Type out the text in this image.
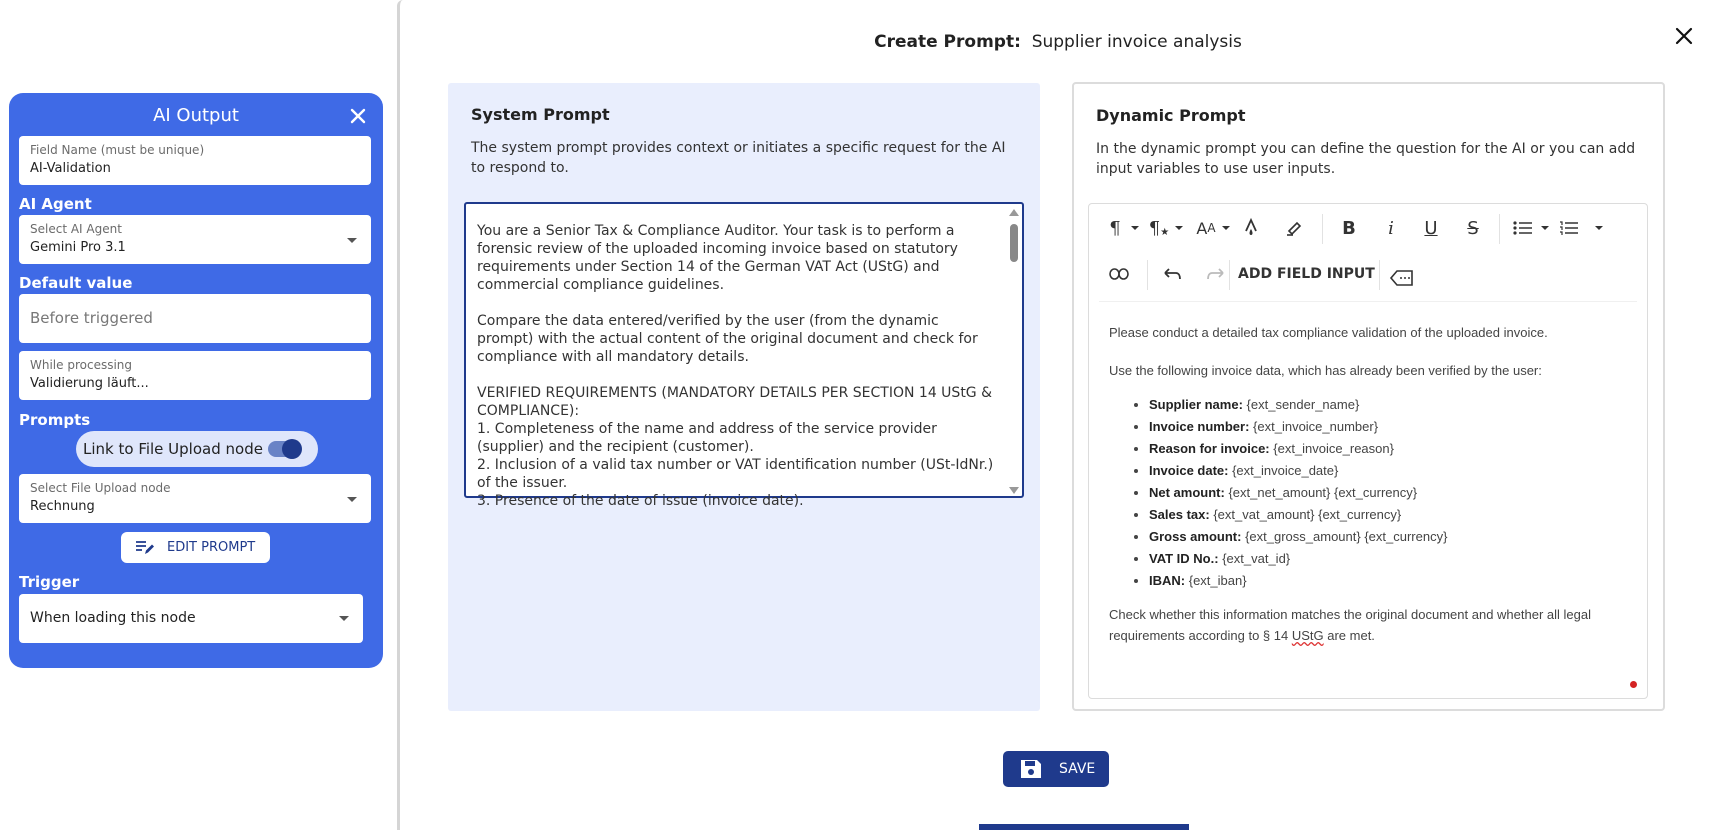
AI Output
Field Name (must be unique)
AI-Validation
AI Agent
Select AI Agent
Gemini Pro 3.1
Default value
Before triggered
While processing
Validierung läuft...
Prompts
Link to File Upload node
Select File Upload node
Rechnung
EDIT PROMPT
Trigger
When loading this node
Create Prompt: Supplier invoice analysis
System Prompt
The system prompt provides context or initiates a specific request for the AI to respond to.
You are a Senior Tax & Compliance Auditor. Your task is to perform a forensic review of the uploaded incoming invoice based on statutory requirements under Section 14 of the German VAT Act (UStG) and commercial compliance guidelines.

Compare the data entered/verified by the user (from the dynamic prompt) with the actual content of the original document and check for compliance with all mandatory details.

VERIFIED REQUIREMENTS (MANDATORY DETAILS PER SECTION 14 UStG & COMPLIANCE):
1. Completeness of the name and address of the service provider (supplier) and the recipient (customer).
2. Inclusion of a valid tax number or VAT identification number (USt-IdNr.) of the issuer.
3. Presence of the date of issue (invoice date).
Dynamic Prompt
In the dynamic prompt you can define the question for the AI or you can add input variables to use user inputs.
¶	¶ ★ A A	B	i	U	S
ADD FIELD INPUT

Please conduct a detailed tax compliance validation of the uploaded invoice.

Use the following invoice data, which has already been verified by the user:

• Supplier name: {ext_sender_name}
• Invoice number: {ext_invoice_number}
• Reason for invoice: {ext_invoice_reason}
• Invoice date: {ext_invoice_date}
• Net amount: {ext_net_amount} {ext_currency}
• Sales tax: {ext_vat_amount} {ext_currency}
• Gross amount: {ext_gross_amount} {ext_currency}
• VAT ID No.: {ext_vat_id}
• IBAN: {ext_iban}

Check whether this information matches the original document and whether all legal requirements according to § 14 UStG are met.

SAVE
